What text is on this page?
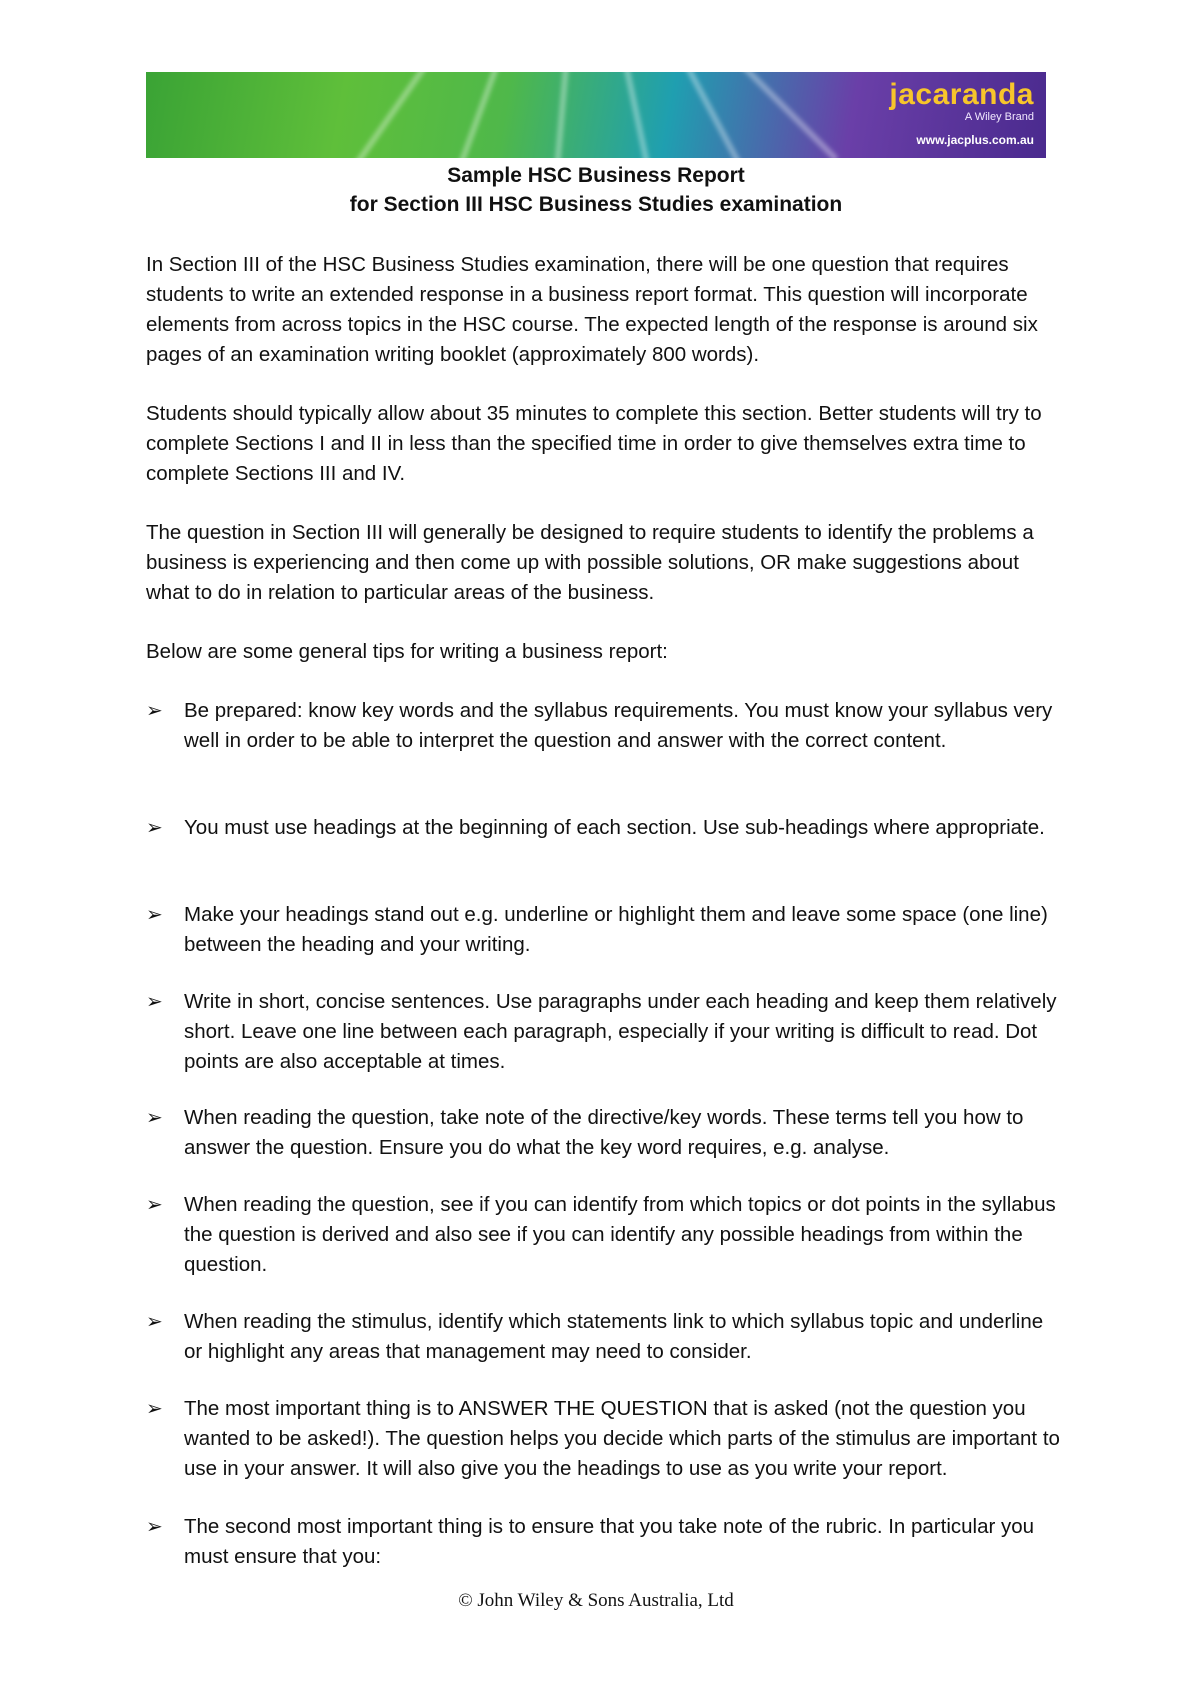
jacaranda
A Wiley Brand
www.jacplus.com.au
Sample HSC Business Report
for Section III HSC Business Studies examination

In Section III of the HSC Business Studies examination, there will be one question that requires students to write an extended response in a business report format. This question will incorporate elements from across topics in the HSC course. The expected length of the response is around six pages of an examination writing booklet (approximately 800 words).

Students should typically allow about 35 minutes to complete this section. Better students will try to complete Sections I and II in less than the specified time in order to give themselves extra time to complete Sections III and IV.

The question in Section III will generally be designed to require students to identify the problems a business is experiencing and then come up with possible solutions, OR make suggestions about what to do in relation to particular areas of the business.

Below are some general tips for writing a business report:

➢	Be prepared: know key words and the syllabus requirements. You must know your syllabus very well in order to be able to interpret the question and answer with the correct content.
➢	You must use headings at the beginning of each section. Use sub-headings where appropriate.
➢	Make your headings stand out e.g. underline or highlight them and leave some space (one line) between the heading and your writing.
➢	Write in short, concise sentences. Use paragraphs under each heading and keep them relatively short. Leave one line between each paragraph, especially if your writing is difficult to read. Dot points are also acceptable at times.
➢	When reading the question, take note of the directive/key words. These terms tell you how to answer the question. Ensure you do what the key word requires, e.g. analyse.
➢	When reading the question, see if you can identify from which topics or dot points in the syllabus the question is derived and also see if you can identify any possible headings from within the question.
➢	When reading the stimulus, identify which statements link to which syllabus topic and underline or highlight any areas that management may need to consider.
➢	The most important thing is to ANSWER THE QUESTION that is asked (not the question you wanted to be asked!). The question helps you decide which parts of the stimulus are important to use in your answer. It will also give you the headings to use as you write your report.
➢	The second most important thing is to ensure that you take note of the rubric. In particular you must ensure that you:
© John Wiley & Sons Australia, Ltd
